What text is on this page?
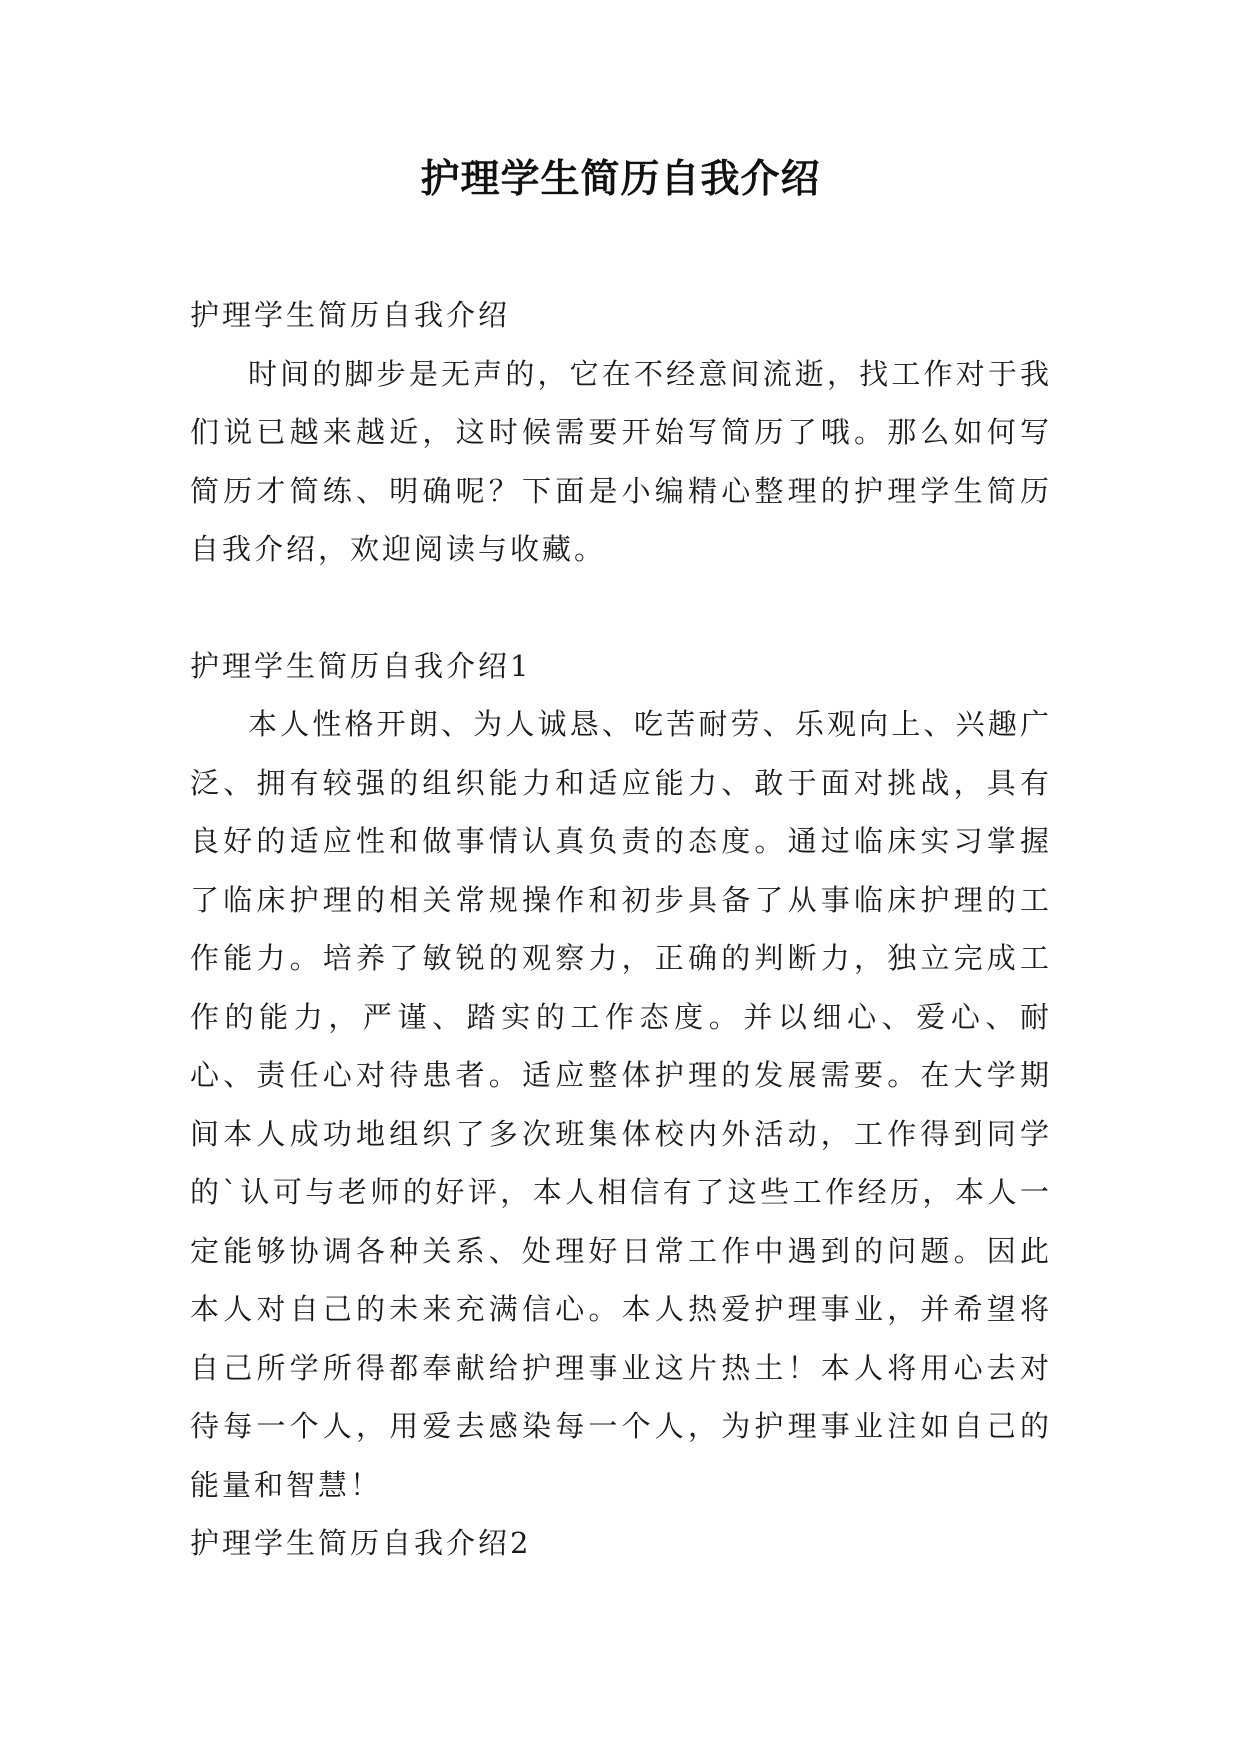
护理学生简历自我介绍

护理学生简历自我介绍

时间的脚步是无声的，它在不经意间流逝，找工作对于我们说已越来越近，这时候需要开始写简历了哦。那么如何写简历才简练、明确呢？下面是小编精心整理的护理学生简历自我介绍，欢迎阅读与收藏。

护理学生简历自我介绍1

本人性格开朗、为人诚恳、吃苦耐劳、乐观向上、兴趣广泛、拥有较强的组织能力和适应能力、敢于面对挑战，具有良好的适应性和做事情认真负责的态度。通过临床实习掌握了临床护理的相关常规操作和初步具备了从事临床护理的工作能力。培养了敏锐的观察力，正确的判断力，独立完成工作的能力，严谨、踏实的工作态度。并以细心、爱心、耐心、责任心对待患者。适应整体护理的发展需要。在大学期间本人成功地组织了多次班集体校内外活动，工作得到同学的`认可与老师的好评，本人相信有了这些工作经历，本人一定能够协调各种关系、处理好日常工作中遇到的问题。因此本人对自己的未来充满信心。本人热爱护理事业，并希望将自己所学所得都奉献给护理事业这片热土！本人将用心去对待每一个人，用爱去感染每一个人，为护理事业注如自己的能量和智慧！

护理学生简历自我介绍2
